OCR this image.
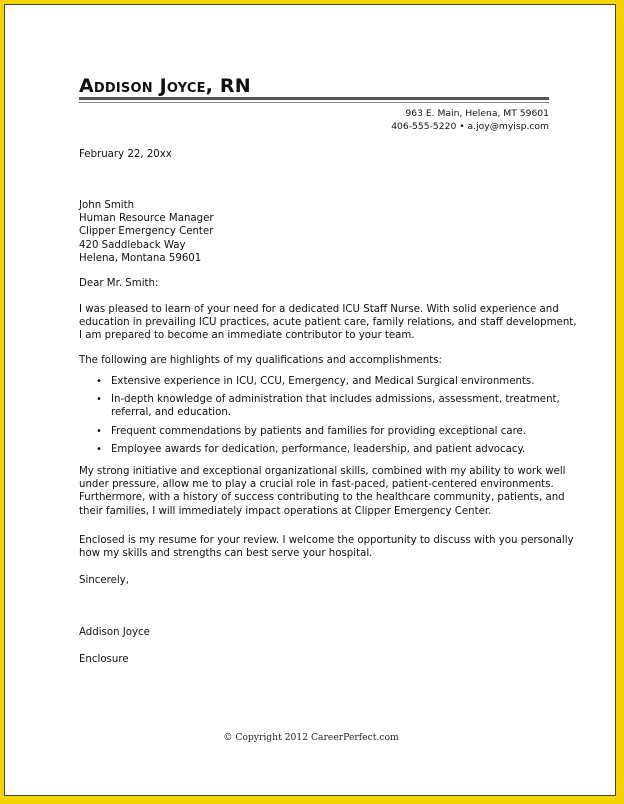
Addison Joyce, RN
963 E. Main, Helena, MT 59601
406-555-5220 • a.joy@myisp.com
February 22, 20xx
John Smith
Human Resource Manager
Clipper Emergency Center
420 Saddleback Way
Helena, Montana 59601
Dear Mr. Smith:
I was pleased to learn of your need for a dedicated ICU Staff Nurse. With solid experience and
education in prevailing ICU practices, acute patient care, family relations, and staff development,
I am prepared to become an immediate contributor to your team.
The following are highlights of my qualifications and accomplishments:
• Extensive experience in ICU, CCU, Emergency, and Medical Surgical environments.
• In-depth knowledge of administration that includes admissions, assessment, treatment,
referral, and education.
• Frequent commendations by patients and families for providing exceptional care.
• Employee awards for dedication, performance, leadership, and patient advocacy.
My strong initiative and exceptional organizational skills, combined with my ability to work well
under pressure, allow me to play a crucial role in fast-paced, patient-centered environments.
Furthermore, with a history of success contributing to the healthcare community, patients, and
their families, I will immediately impact operations at Clipper Emergency Center.
Enclosed is my resume for your review. I welcome the opportunity to discuss with you personally
how my skills and strengths can best serve your hospital.
Sincerely,
Addison Joyce
Enclosure
© Copyright 2012 CareerPerfect.com
